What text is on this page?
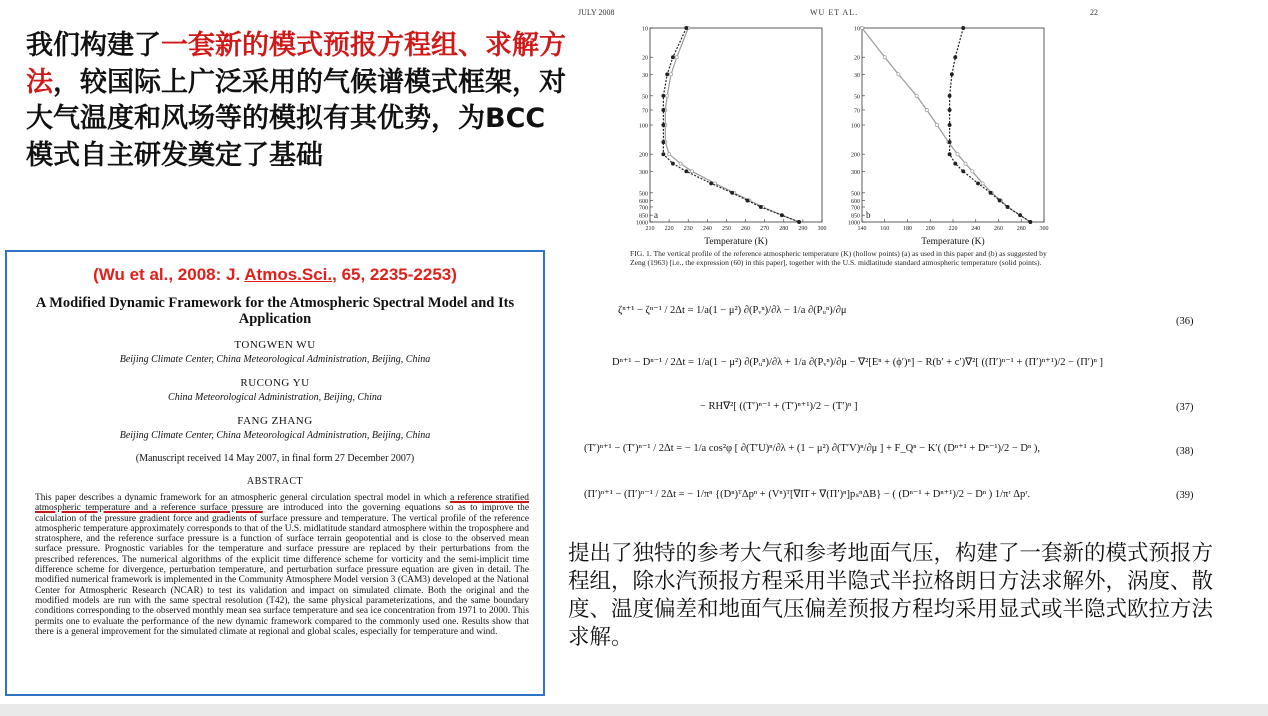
我们构建了一套新的模式预报方程组、求解方法，较国际上广泛采用的气候谱模式框架，对大气温度和风场等的模拟有其优势，为BCC模式自主研发奠定了基础

(Wu et al., 2008: J. Atmos.Sci., 65, 2235-2253)
A Modified Dynamic Framework for the Atmospheric Spectral Model and Its Application
TONGWEN WU
Beijing Climate Center, China Meteorological Administration, Beijing, China
RUCONG YU
China Meteorological Administration, Beijing, China
FANG ZHANG
Beijing Climate Center, China Meteorological Administration, Beijing, China
(Manuscript received 14 May 2007, in final form 27 December 2007)
ABSTRACT
This paper describes a dynamic framework for an atmospheric general circulation spectral model in which a reference stratified atmospheric temperature and a reference surface pressure are introduced into the governing equations so as to improve the calculation of the pressure gradient force and gradients of surface pressure and temperature. The vertical profile of the reference atmospheric temperature approximately corresponds to that of the U.S. midlatitude standard atmosphere within the troposphere and stratosphere, and the reference surface pressure is a function of surface terrain geopotential and is close to the observed mean surface pressure. Prognostic variables for the temperature and surface pressure are replaced by their perturbations from the prescribed references. The numerical algorithms of the explicit time difference scheme for vorticity and the semi-implicit time difference scheme for divergence, perturbation temperature, and perturbation surface pressure equation are given in detail. The modified numerical framework is implemented in the Community Atmosphere Model version 3 (CAM3) developed at the National Center for Atmospheric Research (NCAR) to test its validation and impact on simulated climate. Both the original and the modified models are run with the same spectral resolution (T42), the same physical parameterizations, and the same boundary conditions corresponding to the observed monthly mean sea surface temperature and sea ice concentration from 1971 to 2000. This permits one to evaluate the performance of the new dynamic framework compared to the commonly used one. Results show that there is a general improvement for the simulated climate at regional and global scales, especially for temperature and wind.
JULY 2008	WU ET AL.	22
10
20
30
50
70
100
200
300
500
600
700
850
1000
210 220 230 240 250 260 270 280 290 300
Temperature (K)
a
10
20
30
50
70
100
200
300
500
600
700
850
1000
140 160 180 200 220 240 260 280 300
Temperature (K)
b
FIG. 1. The vertical profile of the reference atmospheric temperature (K) (hollow points) (a) as used in this paper and (b) as suggested by Zeng (1963) [i.e., the expression (60) in this paper], together with the U.S. midlatitude standard atmospheric temperature (solid points).
ζⁿ⁺¹ − ζⁿ⁻¹ / 2Δt = 1/a(1 − μ²) ∂(Pᵥⁿ)/∂λ − 1/a ∂(Pᵤⁿ)/∂μ
(36)
Dⁿ⁺¹ − Dⁿ⁻¹ / 2Δt = 1/a(1 − μ²) ∂(Pᵤⁿ)/∂λ + 1/a ∂(Pᵥⁿ)/∂μ − ∇²[Eⁿ + (ϕ′)ⁿ] − R(b′ + c′)∇²[ ((Π′)ⁿ⁻¹ + (Π′)ⁿ⁺¹)/2 − (Π′)ⁿ ]
− RH∇²[ ((T′)ⁿ⁻¹ + (T′)ⁿ⁺¹)/2 − (T′)ⁿ ]	(37)
(T′)ⁿ⁺¹ − (T′)ⁿ⁻¹ / 2Δt = − 1/a cos²φ [ ∂(T′U)ⁿ/∂λ + (1 − μ²) ∂(T′V)ⁿ/∂μ ] + F_Qⁿ − K′( (Dⁿ⁺¹ + Dⁿ⁻¹)/2 − Dⁿ ),	(38)
(Π′)ⁿ⁺¹ − (Π′)ⁿ⁻¹ / 2Δt = − 1/πⁿ {(Dⁿ)ᵀΔpⁿ + (Vⁿ)ᵀ[∇Π̄ + ∇(Π′)ⁿ]pₛⁿΔB} − ( (Dⁿ⁻¹ + Dⁿ⁺¹)/2 − Dⁿ ) 1/πʳ Δpʳ.	(39)

提出了独特的参考大气和参考地面气压，构建了一套新的模式预报方程组，除水汽预报方程采用半隐式半拉格朗日方法求解外，涡度、散度、温度偏差和地面气压偏差预报方程均采用显式或半隐式欧拉方法求解。
